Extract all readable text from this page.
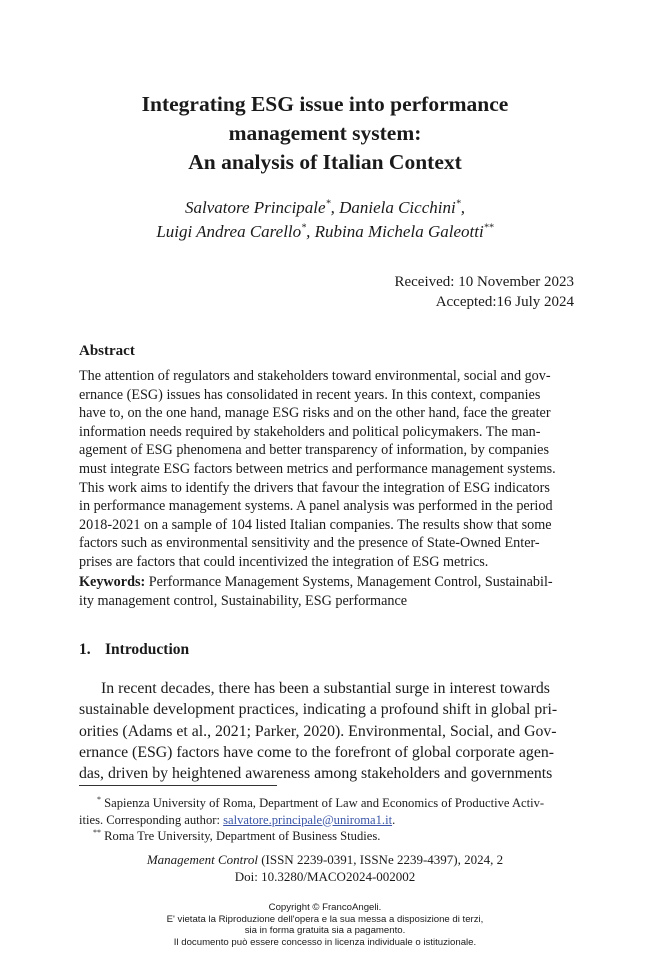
Integrating ESG issue into performance
management system:
An analysis of Italian Context
Salvatore Principale*, Daniela Cicchini*,
Luigi Andrea Carello*, Rubina Michela Galeotti**
Received: 10 November 2023
Accepted:16 July 2024
Abstract
The attention of regulators and stakeholders toward environmental, social and gov-
ernance (ESG) issues has consolidated in recent years. In this context, companies
have to, on the one hand, manage ESG risks and on the other hand, face the greater
information needs required by stakeholders and political policymakers. The man-
agement of ESG phenomena and better transparency of information, by companies
must integrate ESG factors between metrics and performance management systems.
This work aims to identify the drivers that favour the integration of ESG indicators
in performance management systems. A panel analysis was performed in the period
2018-2021 on a sample of 104 listed Italian companies. The results show that some
factors such as environmental sensitivity and the presence of State-Owned Enter-
prises are factors that could incentivized the integration of ESG metrics.
Keywords: Performance Management Systems, Management Control, Sustainabil-
ity management control, Sustainability, ESG performance
1. Introduction
In recent decades, there has been a substantial surge in interest towards
sustainable development practices, indicating a profound shift in global pri-
orities (Adams et al., 2021; Parker, 2020). Environmental, Social, and Gov-
ernance (ESG) factors have come to the forefront of global corporate agen-
das, driven by heightened awareness among stakeholders and governments
* Sapienza University of Roma, Department of Law and Economics of Productive Activ-
ities. Corresponding author: salvatore.principale@uniroma1.it.
** Roma Tre University, Department of Business Studies.
Management Control (ISSN 2239-0391, ISSNe 2239-4397), 2024, 2
Doi: 10.3280/MACO2024-002002
Copyright © FrancoAngeli.
E' vietata la Riproduzione dell'opera e la sua messa a disposizione di terzi,
sia in forma gratuita sia a pagamento.
Il documento può essere concesso in licenza individuale o istituzionale.
